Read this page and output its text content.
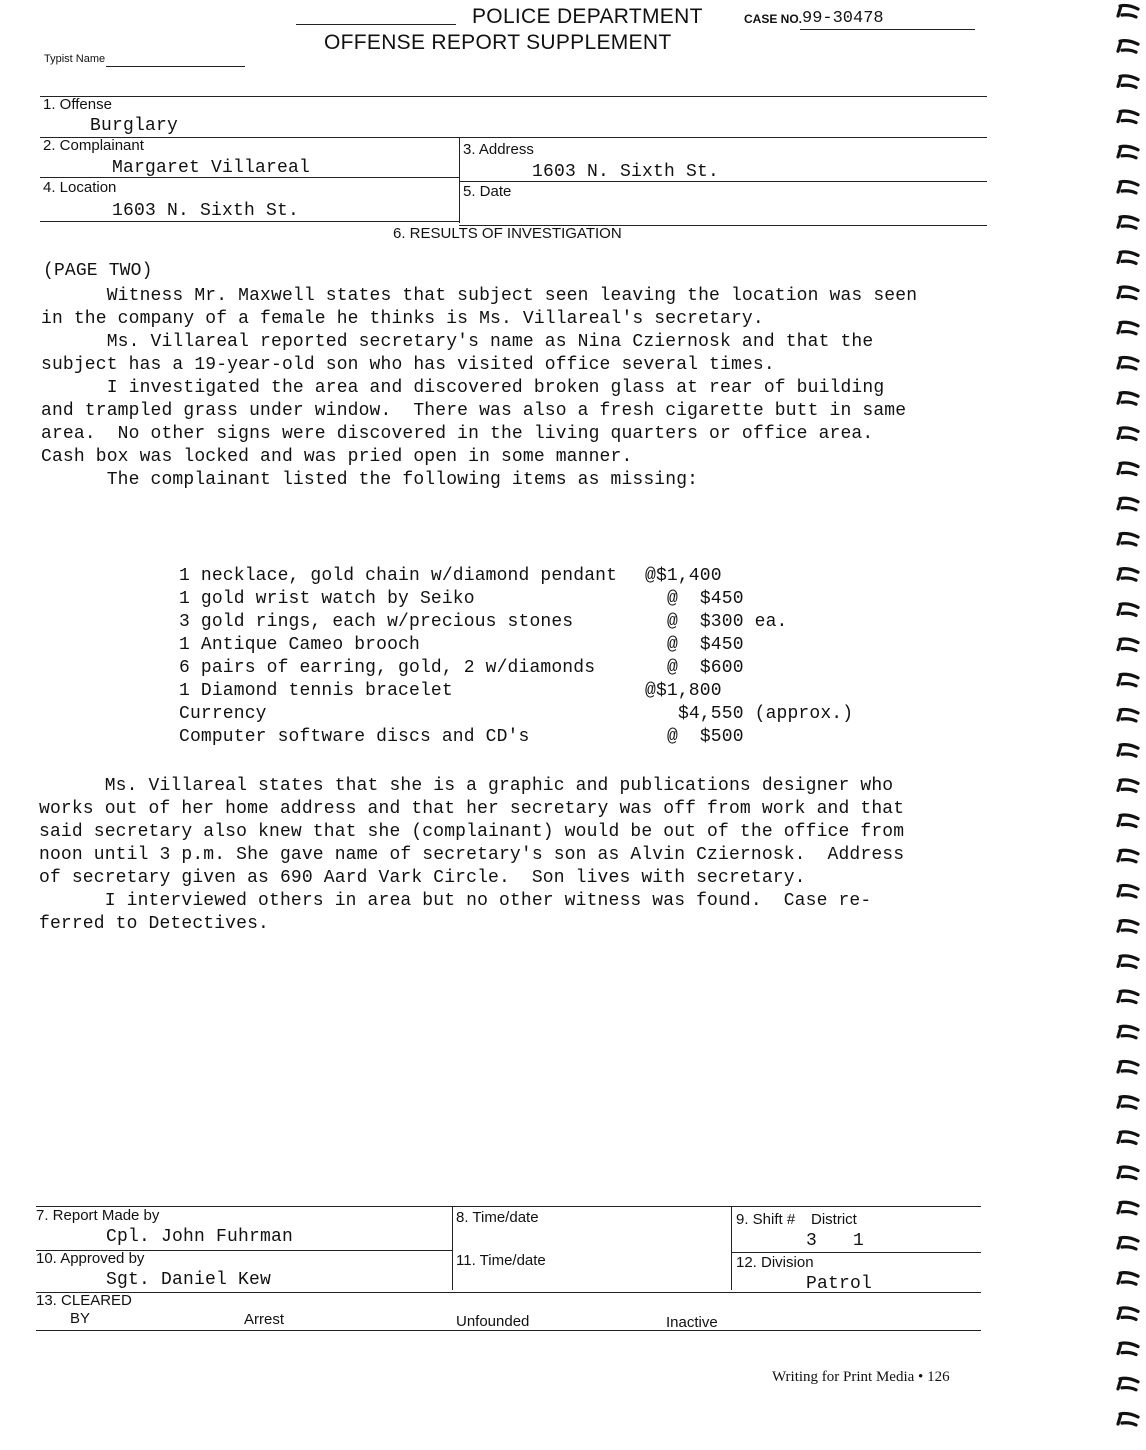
POLICE DEPARTMENT	CASE NO. 99-30478
OFFENSE REPORT SUPPLEMENT
Typist Name
1. Offense
Burglary
2. Complainant
Margaret Villareal
3. Address
1603 N. Sixth St.
4. Location
1603 N. Sixth St.
5. Date
6. RESULTS OF INVESTIGATION
(PAGE TWO)
Witness Mr. Maxwell states that subject seen leaving the location was seen
in the company of a female he thinks is Ms. Villareal's secretary.
Ms. Villareal reported secretary's name as Nina Cziernosk and that the
subject has a 19-year-old son who has visited office several times.
I investigated the area and discovered broken glass at rear of building
and trampled grass under window.  There was also a fresh cigarette butt in same
area.  No other signs were discovered in the living quarters or office area.
Cash box was locked and was pried open in some manner.
The complainant listed the following items as missing:
1 necklace, gold chain w/diamond pendant @$1,400
1 gold wrist watch by Seiko	@  $450
3 gold rings, each w/precious stones	@  $300 ea.
1 Antique Cameo brooch	@  $450
6 pairs of earring, gold, 2 w/diamonds	@  $600
1 Diamond tennis bracelet	@$1,800
Currency	$4,550 (approx.)
Computer software discs and CD's	@  $500
Ms. Villareal states that she is a graphic and publications designer who
works out of her home address and that her secretary was off from work and that
said secretary also knew that she (complainant) would be out of the office from
noon until 3 p.m. She gave name of secretary's son as Alvin Cziernosk.  Address
of secretary given as 690 Aard Vark Circle.  Son lives with secretary.
I interviewed others in area but no other witness was found.  Case re-
ferred to Detectives.
7. Report Made by
Cpl. John Fuhrman
8. Time/date	9. Shift # District
3 1
10. Approved by
Sgt. Daniel Kew
11. Time/date	12. Division
Patrol
13. CLEARED
BY	Arrest	Unfounded	Inactive
Writing for Print Media • 126
